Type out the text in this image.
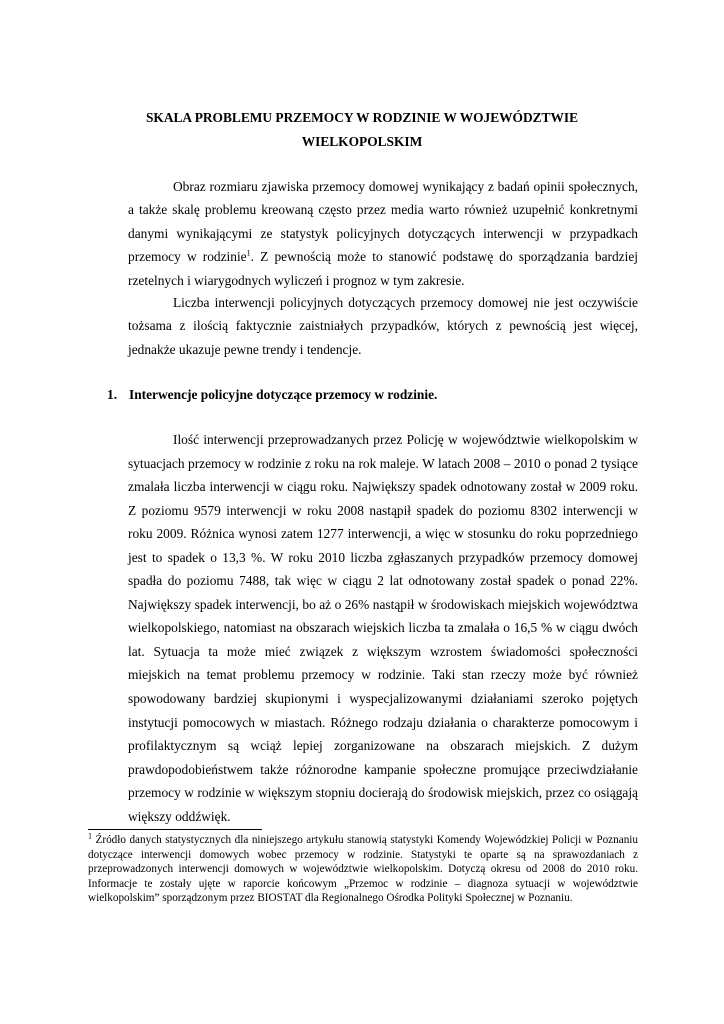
SKALA PROBLEMU PRZEMOCY W RODZINIE W WOJEWÓDZTWIE
WIELKOPOLSKIM

Obraz rozmiaru zjawiska przemocy domowej wynikający z badań opinii społecznych, a także skalę problemu kreowaną często przez media warto również uzupełnić konkretnymi danymi wynikającymi ze statystyk policyjnych dotyczących interwencji w przypadkach przemocy w rodzinie$^1$. Z pewnością może to stanowić podstawę do sporządzania bardziej rzetelnych i wiarygodnych wyliczeń i prognoz w tym zakresie.

Liczba interwencji policyjnych dotyczących przemocy domowej nie jest oczywiście tożsama z ilością faktycznie zaistniałych przypadków, których z pewnością jest więcej, jednakże ukazuje pewne trendy i tendencje.

1. Interwencje policyjne dotyczące przemocy w rodzinie.

Ilość interwencji przeprowadzanych przez Policję w województwie wielkopolskim w sytuacjach przemocy w rodzinie z roku na rok maleje. W latach 2008 – 2010 o ponad 2 tysiące zmalała liczba interwencji w ciągu roku. Największy spadek odnotowany został w 2009 roku. Z poziomu 9579 interwencji w roku 2008 nastąpił spadek do poziomu 8302 interwencji w roku 2009. Różnica wynosi zatem 1277 interwencji, a więc w stosunku do roku poprzedniego jest to spadek o 13,3 %. W roku 2010 liczba zgłaszanych przypadków przemocy domowej spadła do poziomu 7488, tak więc w ciągu 2 lat odnotowany został spadek o ponad 22%. Największy spadek interwencji, bo aż o 26% nastąpił w środowiskach miejskich województwa wielkopolskiego, natomiast na obszarach wiejskich liczba ta zmalała o 16,5 % w ciągu dwóch lat. Sytuacja ta może mieć związek z większym wzrostem świadomości społeczności miejskich na temat problemu przemocy w rodzinie. Taki stan rzeczy może być również spowodowany bardziej skupionymi i wyspecjalizowanymi działaniami szeroko pojętych instytucji pomocowych w miastach. Różnego rodzaju działania o charakterze pomocowym i profilaktycznym są wciąż lepiej zorganizowane na obszarach miejskich. Z dużym prawdopodobieństwem także różnorodne kampanie społeczne promujące przeciwdziałanie przemocy w rodzinie w większym stopniu docierają do środowisk miejskich, przez co osiągają większy oddźwięk.

$^1$ Źródło danych statystycznych dla niniejszego artykułu stanowią statystyki Komendy Wojewódzkiej Policji w Poznaniu dotyczące interwencji domowych wobec przemocy w rodzinie. Statystyki te oparte są na sprawozdaniach z przeprowadzonych interwencji domowych w województwie wielkopolskim. Dotyczą okresu od 2008 do 2010 roku. Informacje te zostały ujęte w raporcie końcowym „Przemoc w rodzinie – diagnoza sytuacji w województwie wielkopolskim” sporządzonym przez BIOSTAT dla Regionalnego Ośrodka Polityki Społecznej w Poznaniu.
